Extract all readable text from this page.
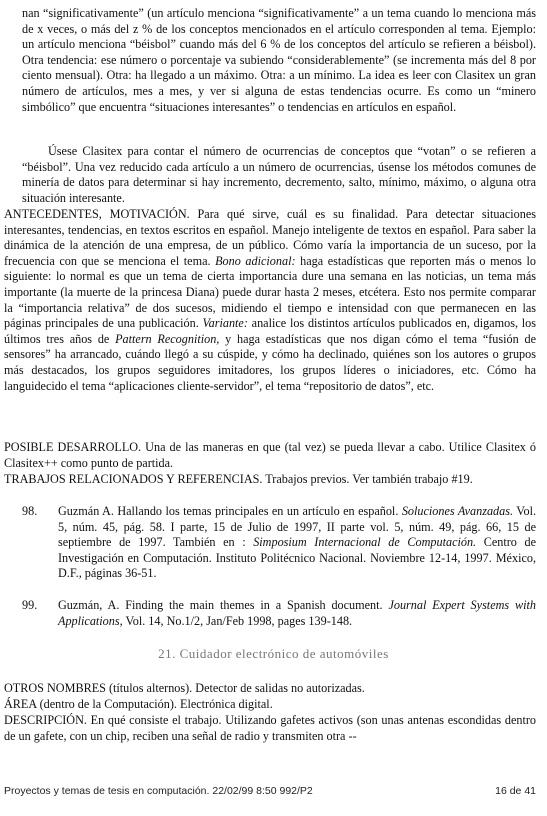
nan “significativamente” (un artículo menciona “significativamente” a un tema cuando lo menciona más de x veces, o más del z % de los conceptos mencionados en el artículo corresponden al tema. Ejemplo: un artículo menciona “béisbol” cuando más del 6 % de los conceptos del artículo se refieren a béisbol). Otra tendencia: ese número o porcentaje va subiendo “considerablemente” (se incrementa más del 8 por ciento mensual). Otra: ha llegado a un máximo. Otra: a un mínimo. La idea es leer con Clasitex un gran número de artículos, mes a mes, y ver si alguna de estas tendencias ocurre. Es como un “minero simbólico” que encuentra “situaciones interesantes” o tendencias en artículos en español.
Úsese Clasitex para contar el número de ocurrencias de conceptos que “votan” o se refieren a “béisbol”. Una vez reducido cada artículo a un número de ocurrencias, úsense los métodos comunes de minería de datos para determinar si hay incremento, decremento, salto, mínimo, máximo, o alguna otra situación interesante.
ANTECEDENTES, MOTIVACIÓN. Para qué sirve, cuál es su finalidad. Para detectar situaciones interesantes, tendencias, en textos escritos en español. Manejo inteligente de textos en español. Para saber la dinámica de la atención de una empresa, de un público. Cómo varía la importancia de un suceso, por la frecuencia con que se menciona el tema. Bono adicional: haga estadísticas que reporten más o menos lo siguiente: lo normal es que un tema de cierta importancia dure una semana en las noticias, un tema más importante (la muerte de la princesa Diana) puede durar hasta 2 meses, etcétera. Esto nos permite comparar la “importancia relativa” de dos sucesos, midiendo el tiempo e intensidad con que permanecen en las páginas principales de una publicación. Variante: analice los distintos artículos publicados en, digamos, los últimos tres años de Pattern Recognition, y haga estadísticas que nos digan cómo el tema “fusión de sensores” ha arrancado, cuándo llegó a su cúspide, y cómo ha declinado, quiénes son los autores o grupos más destacados, los grupos seguidores imitadores, los grupos líderes o iniciadores, etc. Cómo ha languidecido el tema “aplicaciones cliente-servidor”, el tema “repositorio de datos”, etc.
POSIBLE DESARROLLO. Una de las maneras en que (tal vez) se pueda llevar a cabo. Utilice Clasitex ó Clasitex++ como punto de partida.
TRABAJOS RELACIONADOS Y REFERENCIAS. Trabajos previos. Ver también trabajo #19.
98. Guzmán A. Hallando los temas principales en un artículo en español. Soluciones Avanzadas. Vol. 5, núm. 45, pág. 58. I parte, 15 de Julio de 1997, II parte vol. 5, núm. 49, pág. 66, 15 de septiembre de 1997. También en : Simposium Internacional de Computación. Centro de Investigación en Computación. Instituto Politécnico Nacional. Noviembre 12-14, 1997. México, D.F., páginas 36-51.
99. Guzmán, A. Finding the main themes in a Spanish document. Journal Expert Systems with Applications, Vol. 14, No.1/2, Jan/Feb 1998, pages 139-148.
21. Cuidador electrónico de automóviles
OTROS NOMBRES (títulos alternos). Detector de salidas no autorizadas.
ÁREA (dentro de la Computación). Electrónica digital.
DESCRIPCIÓN. En qué consiste el trabajo. Utilizando gafetes activos (son unas antenas escondidas dentro de un gafete, con un chip, reciben una señal de radio y transmiten otra --
Proyectos y temas de tesis en computación. 22/02/99 8:50 992/P2	16 de 41
